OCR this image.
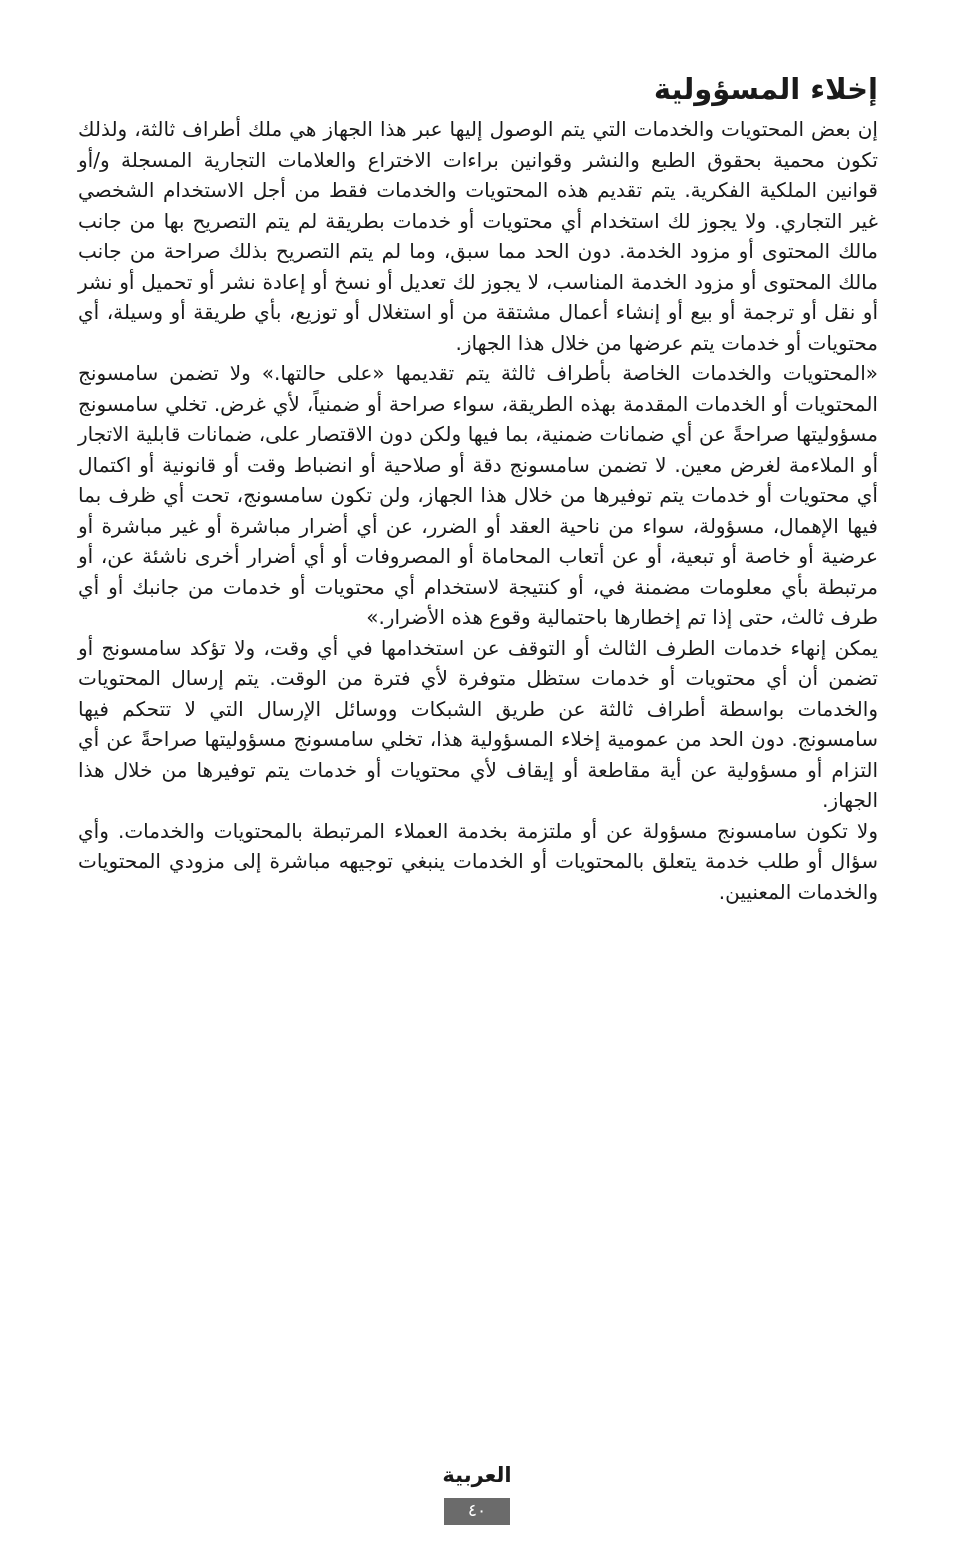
إخلاء المسؤولية

إن بعض المحتويات والخدمات التي يتم الوصول إليها عبر هذا الجهاز هي ملك أطراف ثالثة، ولذلك تكون محمية بحقوق الطبع والنشر وقوانين براءات الاختراع والعلامات التجارية المسجلة و/أو قوانين الملكية الفكرية. يتم تقديم هذه المحتويات والخدمات فقط من أجل الاستخدام الشخصي غير التجاري. ولا يجوز لك استخدام أي محتويات أو خدمات بطريقة لم يتم التصريح بها من جانب مالك المحتوى أو مزود الخدمة. دون الحد مما سبق، وما لم يتم التصريح بذلك صراحة من جانب مالك المحتوى أو مزود الخدمة المناسب، لا يجوز لك تعديل أو نسخ أو إعادة نشر أو تحميل أو نشر أو نقل أو ترجمة أو بيع أو إنشاء أعمال مشتقة من أو استغلال أو توزيع، بأي طريقة أو وسيلة، أي محتويات أو خدمات يتم عرضها من خلال هذا الجهاز.

«المحتويات والخدمات الخاصة بأطراف ثالثة يتم تقديمها «على حالتها.» ولا تضمن سامسونج المحتويات أو الخدمات المقدمة بهذه الطريقة، سواء صراحة أو ضمنياً، لأي غرض. تخلي سامسونج مسؤوليتها صراحةً عن أي ضمانات ضمنية، بما فيها ولكن دون الاقتصار على، ضمانات قابلية الاتجار أو الملاءمة لغرض معين. لا تضمن سامسونج دقة أو صلاحية أو انضباط وقت أو قانونية أو اكتمال أي محتويات أو خدمات يتم توفيرها من خلال هذا الجهاز، ولن تكون سامسونج، تحت أي ظرف بما فيها الإهمال، مسؤولة، سواء من ناحية العقد أو الضرر، عن أي أضرار مباشرة أو غير مباشرة أو عرضية أو خاصة أو تبعية، أو عن أتعاب المحاماة أو المصروفات أو أي أضرار أخرى ناشئة عن، أو مرتبطة بأي معلومات مضمنة في، أو كنتيجة لاستخدام أي محتويات أو خدمات من جانبك أو أي طرف ثالث، حتى إذا تم إخطارها باحتمالية وقوع هذه الأضرار.»

يمكن إنهاء خدمات الطرف الثالث أو التوقف عن استخدامها في أي وقت، ولا تؤكد سامسونج أو تضمن أن أي محتويات أو خدمات ستظل متوفرة لأي فترة من الوقت. يتم إرسال المحتويات والخدمات بواسطة أطراف ثالثة عن طريق الشبكات ووسائل الإرسال التي لا تتحكم فيها سامسونج. دون الحد من عمومية إخلاء المسؤولية هذا، تخلي سامسونج مسؤوليتها صراحةً عن أي التزام أو مسؤولية عن أية مقاطعة أو إيقاف لأي محتويات أو خدمات يتم توفيرها من خلال هذا الجهاز.

ولا تكون سامسونج مسؤولة عن أو ملتزمة بخدمة العملاء المرتبطة بالمحتويات والخدمات. وأي سؤال أو طلب خدمة يتعلق بالمحتويات أو الخدمات ينبغي توجيهه مباشرة إلى مزودي المحتويات والخدمات المعنيين.

العربية
٤٠
